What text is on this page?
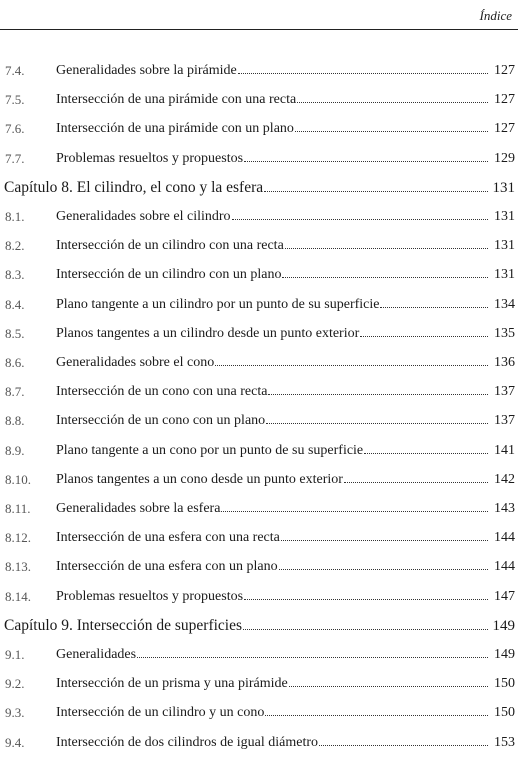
Índice
7.4.	Generalidades sobre la pirámide	127
7.5.	Intersección de una pirámide con una recta	127
7.6.	Intersección de una pirámide con un plano	127
7.7.	Problemas resueltos y propuestos	129
Capítulo 8. El cilindro, el cono y la esfera	131
8.1.	Generalidades sobre el cilindro	131
8.2.	Intersección de un cilindro con una recta	131
8.3.	Intersección de un cilindro con un plano	131
8.4.	Plano tangente a un cilindro por un punto de su superficie	134
8.5.	Planos tangentes a un cilindro desde un punto exterior	135
8.6.	Generalidades sobre el cono	136
8.7.	Intersección de un cono con una recta	137
8.8.	Intersección de un cono con un plano	137
8.9.	Plano tangente a un cono por un punto de su superficie	141
8.10.	Planos tangentes a un cono desde un punto exterior	142
8.11.	Generalidades sobre la esfera	143
8.12.	Intersección de una esfera con una recta	144
8.13.	Intersección de una esfera con un plano	144
8.14.	Problemas resueltos y propuestos	147
Capítulo 9. Intersección de superficies	149
9.1.	Generalidades	149
9.2.	Intersección de un prisma y una pirámide	150
9.3.	Intersección de un cilindro y un cono	150
9.4.	Intersección de dos cilindros de igual diámetro	153
